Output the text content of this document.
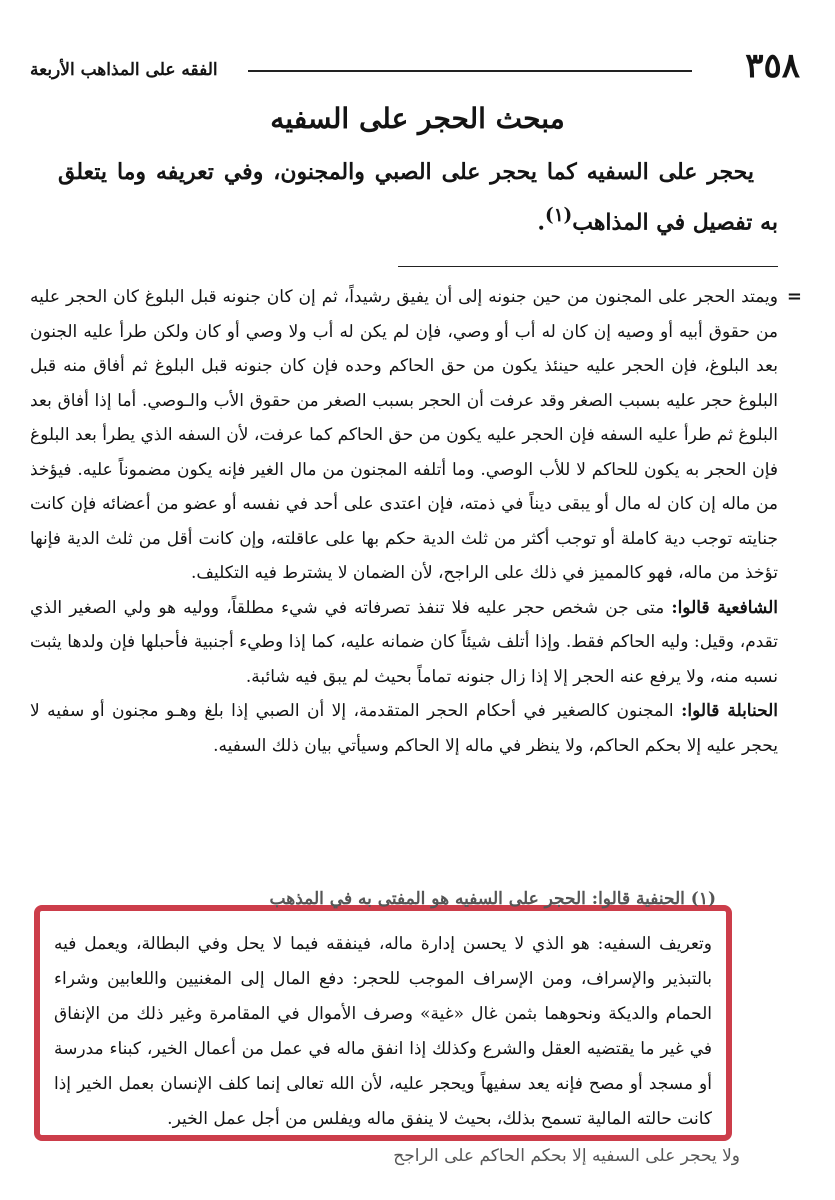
٣٥٨
الفقه على المذاهب الأربعة
مبحث الحجر على السفيه
يحجر على السفيه كما يحجر على الصبي والمجنون، وفي تعريفه وما يتعلق به تفصيل في المذاهب$^{(١)}$.

=
ويمتد الحجر على المجنون من حين جنونه إلى أن يفيق رشيداً، ثم إن كان جنونه قبل البلوغ كان الحجر عليه من حقوق أبيه أو وصيه إن كان له أب أو وصي، فإن لم يكن له أب ولا وصي أو كان ولكن طرأ عليه الجنون بعد البلوغ، فإن الحجر عليه حينئذ يكون من حق الحاكم وحده فإن كان جنونه قبل البلوغ ثم أفاق منه قبل البلوغ حجر عليه بسبب الصغر وقد عرفت أن الحجر بسبب الصغر من حقوق الأب والـوصي. أما إذا أفاق بعد البلوغ ثم طرأ عليه السفه فإن الحجر عليه يكون من حق الحاكم كما عرفت، لأن السفه الذي يطرأ بعد البلوغ فإن الحجر به يكون للحاكم لا للأب الوصي. وما أتلفه المجنون من مال الغير فإنه يكون مضموناً عليه. فيؤخذ من ماله إن كان له مال أو يبقى ديناً في ذمته، فإن اعتدى على أحد في نفسه أو عضو من أعضائه فإن كانت جنايته توجب دية كاملة أو توجب أكثر من ثلث الدية حكم بها على عاقلته، وإن كانت أقل من ثلث الدية فإنها تؤخذ من ماله، فهو كالمميز في ذلك على الراجح، لأن الضمان لا يشترط فيه التكليف.

الشافعية قالوا: متى جن شخص حجر عليه فلا تنفذ تصرفاته في شيء مطلقاً، ووليه هو ولي الصغير الذي تقدم، وقيل: وليه الحاكم فقط. وإذا أتلف شيئاً كان ضمانه عليه، كما إذا وطيء أجنبية فأحبلها فإن ولدها يثبت نسبه منه، ولا يرفع عنه الحجر إلا إذا زال جنونه تماماً بحيث لم يبق فيه شائبة.

الحنابلة قالوا: المجنون كالصغير في أحكام الحجر المتقدمة، إلا أن الصبي إذا بلغ وهـو مجنون أو سفيه لا يحجر عليه إلا بحكم الحاكم، ولا ينظر في ماله إلا الحاكم وسيأتي بيان ذلك السفيه.

(١) الحنفية قالوا: الحجر على السفيه هو المفتى به في المذهب
وتعريف السفيه: هو الذي لا يحسن إدارة ماله، فينفقه فيما لا يحل وفي البطالة، ويعمل فيه بالتبذير والإسراف، ومن الإسراف الموجب للحجر: دفع المال إلى المغنيين واللعابين وشراء الحمام والديكة ونحوهما بثمن غال «غية» وصرف الأموال في المقامرة وغير ذلك من الإنفاق في غير ما يقتضيه العقل والشرع وكذلك إذا انفق ماله في عمل من أعمال الخير، كبناء مدرسة أو مسجد أو مصح فإنه يعد سفيهاً ويحجر عليه، لأن الله تعالى إنما كلف الإنسان بعمل الخير إذا كانت حالته المالية تسمح بذلك، بحيث لا ينفق ماله ويفلس من أجل عمل الخير.
ولا يحجر على السفيه إلا بحكم الحاكم على الراجح
